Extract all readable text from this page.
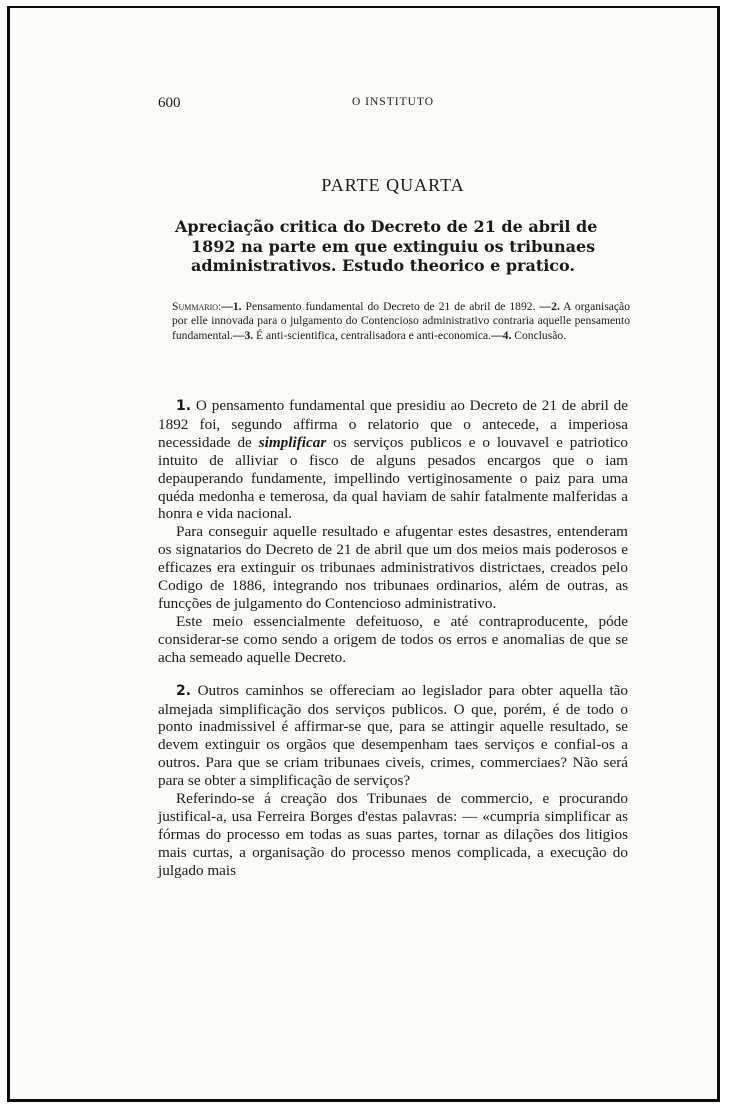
600	O INSTITUTO
PARTE QUARTA
Apreciação critica do Decreto de 21 de abril de 1892 na parte em que extinguiu os tribunaes administrativos. Estudo theorico e pratico.
Summario:—1. Pensamento fundamental do Decreto de 21 de abril de 1892. —2. A organisação por elle innovada para o julgamento do Contencioso administrativo contraria aquelle pensamento fundamental.—3. É anti-scientifica, centralisadora e anti-economica.—4. Conclusão.

1. O pensamento fundamental que presidiu ao Decreto de 21 de abril de 1892 foi, segundo affirma o relatorio que o antecede, a imperiosa necessidade de simplificar os serviços publicos e o louvavel e patriotico intuito de alliviar o fisco de alguns pesados encargos que o iam depauperando fundamente, impellindo vertiginosamente o paiz para uma quéda medonha e temerosa, da qual haviam de sahir fatalmente malferidas a honra e vida nacional.

Para conseguir aquelle resultado e afugentar estes desastres, entenderam os signatarios do Decreto de 21 de abril que um dos meios mais poderosos e efficazes era extinguir os tribunaes administrativos districtaes, creados pelo Codigo de 1886, integrando nos tribunaes ordinarios, além de outras, as funcções de julgamento do Contencioso administrativo.

Este meio essencialmente defeituoso, e até contraproducente, póde considerar-se como sendo a origem de todos os erros e anomalias de que se acha semeado aquelle Decreto.

2. Outros caminhos se offereciam ao legislador para obter aquella tão almejada simplificação dos serviços publicos. O que, porém, é de todo o ponto inadmissivel é affirmar-se que, para se attingir aquelle resultado, se devem extinguir os orgãos que desempenham taes serviços e confial-os a outros. Para que se criam tribunaes civeis, crimes, commerciaes? Não será para se obter a simplificação de serviços?

Referindo-se á creação dos Tribunaes de commercio, e procurando justifical-a, usa Ferreira Borges d'estas palavras: — «cumpria simplificar as fórmas do processo em todas as suas partes, tornar as dilações dos litigios mais curtas, a organisação do processo menos complicada, a execução do julgado mais
